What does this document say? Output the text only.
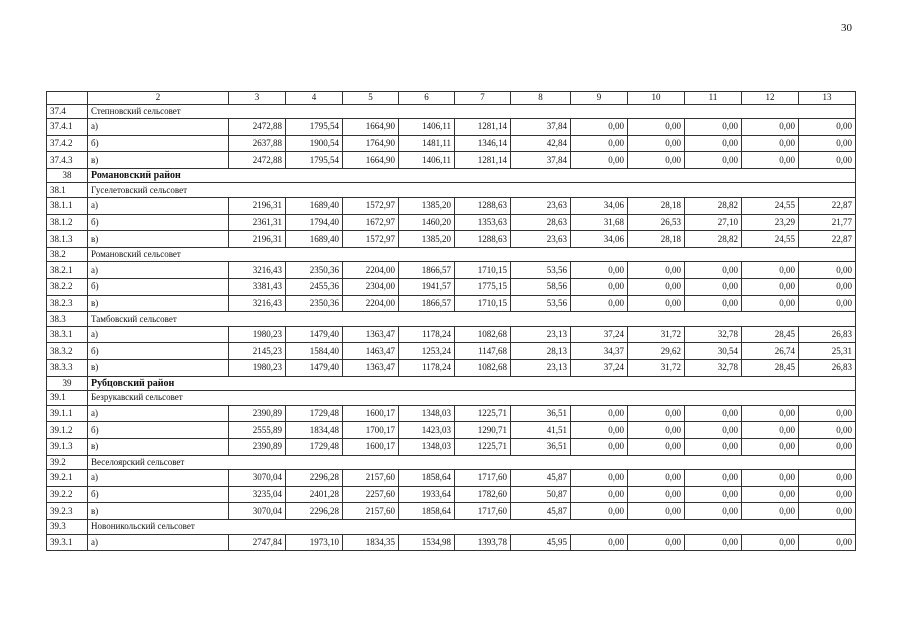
30
	2	3	4	5	6	7	8	9	10	11	12	13
37.4	Степновский сельсовет											
37.4.1	а)	2472,88	1795,54	1664,90	1406,11	1281,14	37,84	0,00	0,00	0,00	0,00	0,00
37.4.2	б)	2637,88	1900,54	1764,90	1481,11	1346,14	42,84	0,00	0,00	0,00	0,00	0,00
37.4.3	в)	2472,88	1795,54	1664,90	1406,11	1281,14	37,84	0,00	0,00	0,00	0,00	0,00
38	Романовский район											
38.1	Гуселетовский сельсовет											
38.1.1	а)	2196,31	1689,40	1572,97	1385,20	1288,63	23,63	34,06	28,18	28,82	24,55	22,87
38.1.2	б)	2361,31	1794,40	1672,97	1460,20	1353,63	28,63	31,68	26,53	27,10	23,29	21,77
38.1.3	в)	2196,31	1689,40	1572,97	1385,20	1288,63	23,63	34,06	28,18	28,82	24,55	22,87
38.2	Романовский сельсовет											
38.2.1	а)	3216,43	2350,36	2204,00	1866,57	1710,15	53,56	0,00	0,00	0,00	0,00	0,00
38.2.2	б)	3381,43	2455,36	2304,00	1941,57	1775,15	58,56	0,00	0,00	0,00	0,00	0,00
38.2.3	в)	3216,43	2350,36	2204,00	1866,57	1710,15	53,56	0,00	0,00	0,00	0,00	0,00
38.3	Тамбовский сельсовет											
38.3.1	а)	1980,23	1479,40	1363,47	1178,24	1082,68	23,13	37,24	31,72	32,78	28,45	26,83
38.3.2	б)	2145,23	1584,40	1463,47	1253,24	1147,68	28,13	34,37	29,62	30,54	26,74	25,31
38.3.3	в)	1980,23	1479,40	1363,47	1178,24	1082,68	23,13	37,24	31,72	32,78	28,45	26,83
39	Рубцовский район											
39.1	Безрукавский сельсовет											
39.1.1	а)	2390,89	1729,48	1600,17	1348,03	1225,71	36,51	0,00	0,00	0,00	0,00	0,00
39.1.2	б)	2555,89	1834,48	1700,17	1423,03	1290,71	41,51	0,00	0,00	0,00	0,00	0,00
39.1.3	в)	2390,89	1729,48	1600,17	1348,03	1225,71	36,51	0,00	0,00	0,00	0,00	0,00
39.2	Веселоярский сельсовет											
39.2.1	а)	3070,04	2296,28	2157,60	1858,64	1717,60	45,87	0,00	0,00	0,00	0,00	0,00
39.2.2	б)	3235,04	2401,28	2257,60	1933,64	1782,60	50,87	0,00	0,00	0,00	0,00	0,00
39.2.3	в)	3070,04	2296,28	2157,60	1858,64	1717,60	45,87	0,00	0,00	0,00	0,00	0,00
39.3	Новоникольский сельсовет											
39.3.1	а)	2747,84	1973,10	1834,35	1534,98	1393,78	45,95	0,00	0,00	0,00	0,00	0,00
